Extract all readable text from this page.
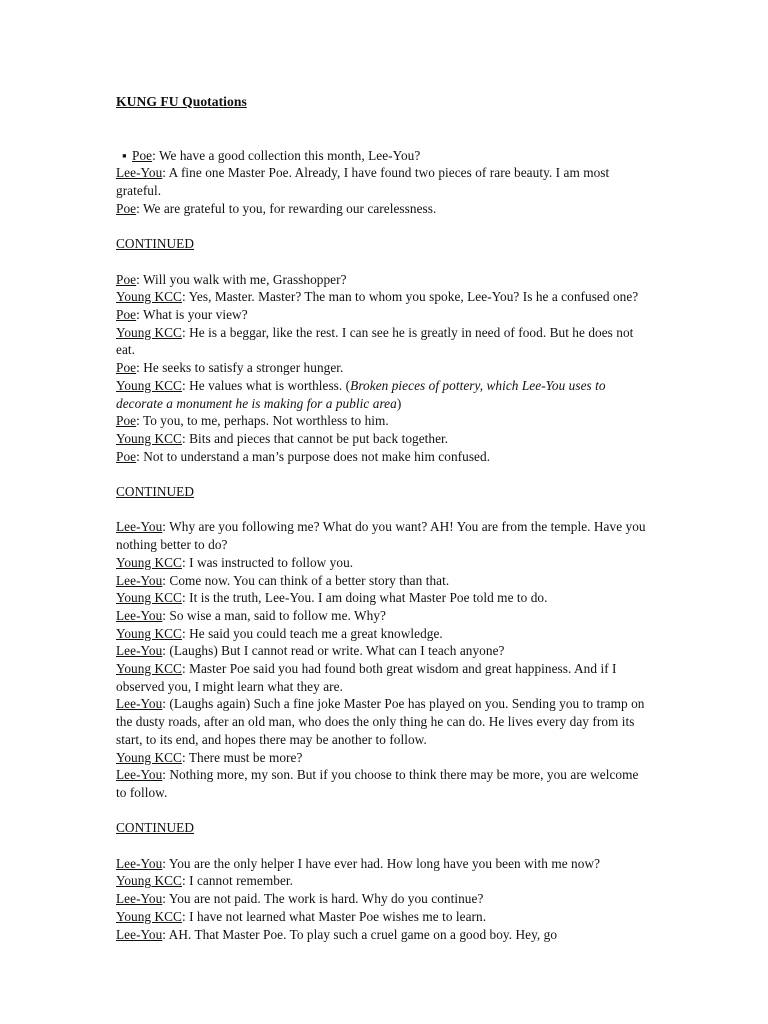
KUNG FU Quotations

▪ Poe: We have a good collection this month, Lee-You?

Lee-You: A fine one Master Poe. Already, I have found two pieces of rare beauty. I am most grateful.

Poe: We are grateful to you, for rewarding our carelessness.

CONTINUED

Poe: Will you walk with me, Grasshopper?

Young KCC: Yes, Master. Master? The man to whom you spoke, Lee-You? Is he a confused one?

Poe: What is your view?

Young KCC: He is a beggar, like the rest. I can see he is greatly in need of food. But he does not eat.

Poe: He seeks to satisfy a stronger hunger.

Young KCC: He values what is worthless. (Broken pieces of pottery, which Lee-You uses to decorate a monument he is making for a public area)

Poe: To you, to me, perhaps. Not worthless to him.

Young KCC: Bits and pieces that cannot be put back together.

Poe: Not to understand a man’s purpose does not make him confused.

CONTINUED

Lee-You: Why are you following me? What do you want? AH! You are from the temple. Have you nothing better to do?

Young KCC: I was instructed to follow you.

Lee-You: Come now. You can think of a better story than that.

Young KCC: It is the truth, Lee-You. I am doing what Master Poe told me to do.

Lee-You: So wise a man, said to follow me. Why?

Young KCC: He said you could teach me a great knowledge.

Lee-You: (Laughs) But I cannot read or write. What can I teach anyone?

Young KCC: Master Poe said you had found both great wisdom and great happiness. And if I observed you, I might learn what they are.

Lee-You: (Laughs again) Such a fine joke Master Poe has played on you. Sending you to tramp on the dusty roads, after an old man, who does the only thing he can do. He lives every day from its start, to its end, and hopes there may be another to follow.

Young KCC: There must be more?

Lee-You: Nothing more, my son. But if you choose to think there may be more, you are welcome to follow.

CONTINUED

Lee-You: You are the only helper I have ever had. How long have you been with me now?

Young KCC: I cannot remember.

Lee-You: You are not paid. The work is hard. Why do you continue?

Young KCC: I have not learned what Master Poe wishes me to learn.

Lee-You: AH. That Master Poe. To play such a cruel game on a good boy. Hey, go
